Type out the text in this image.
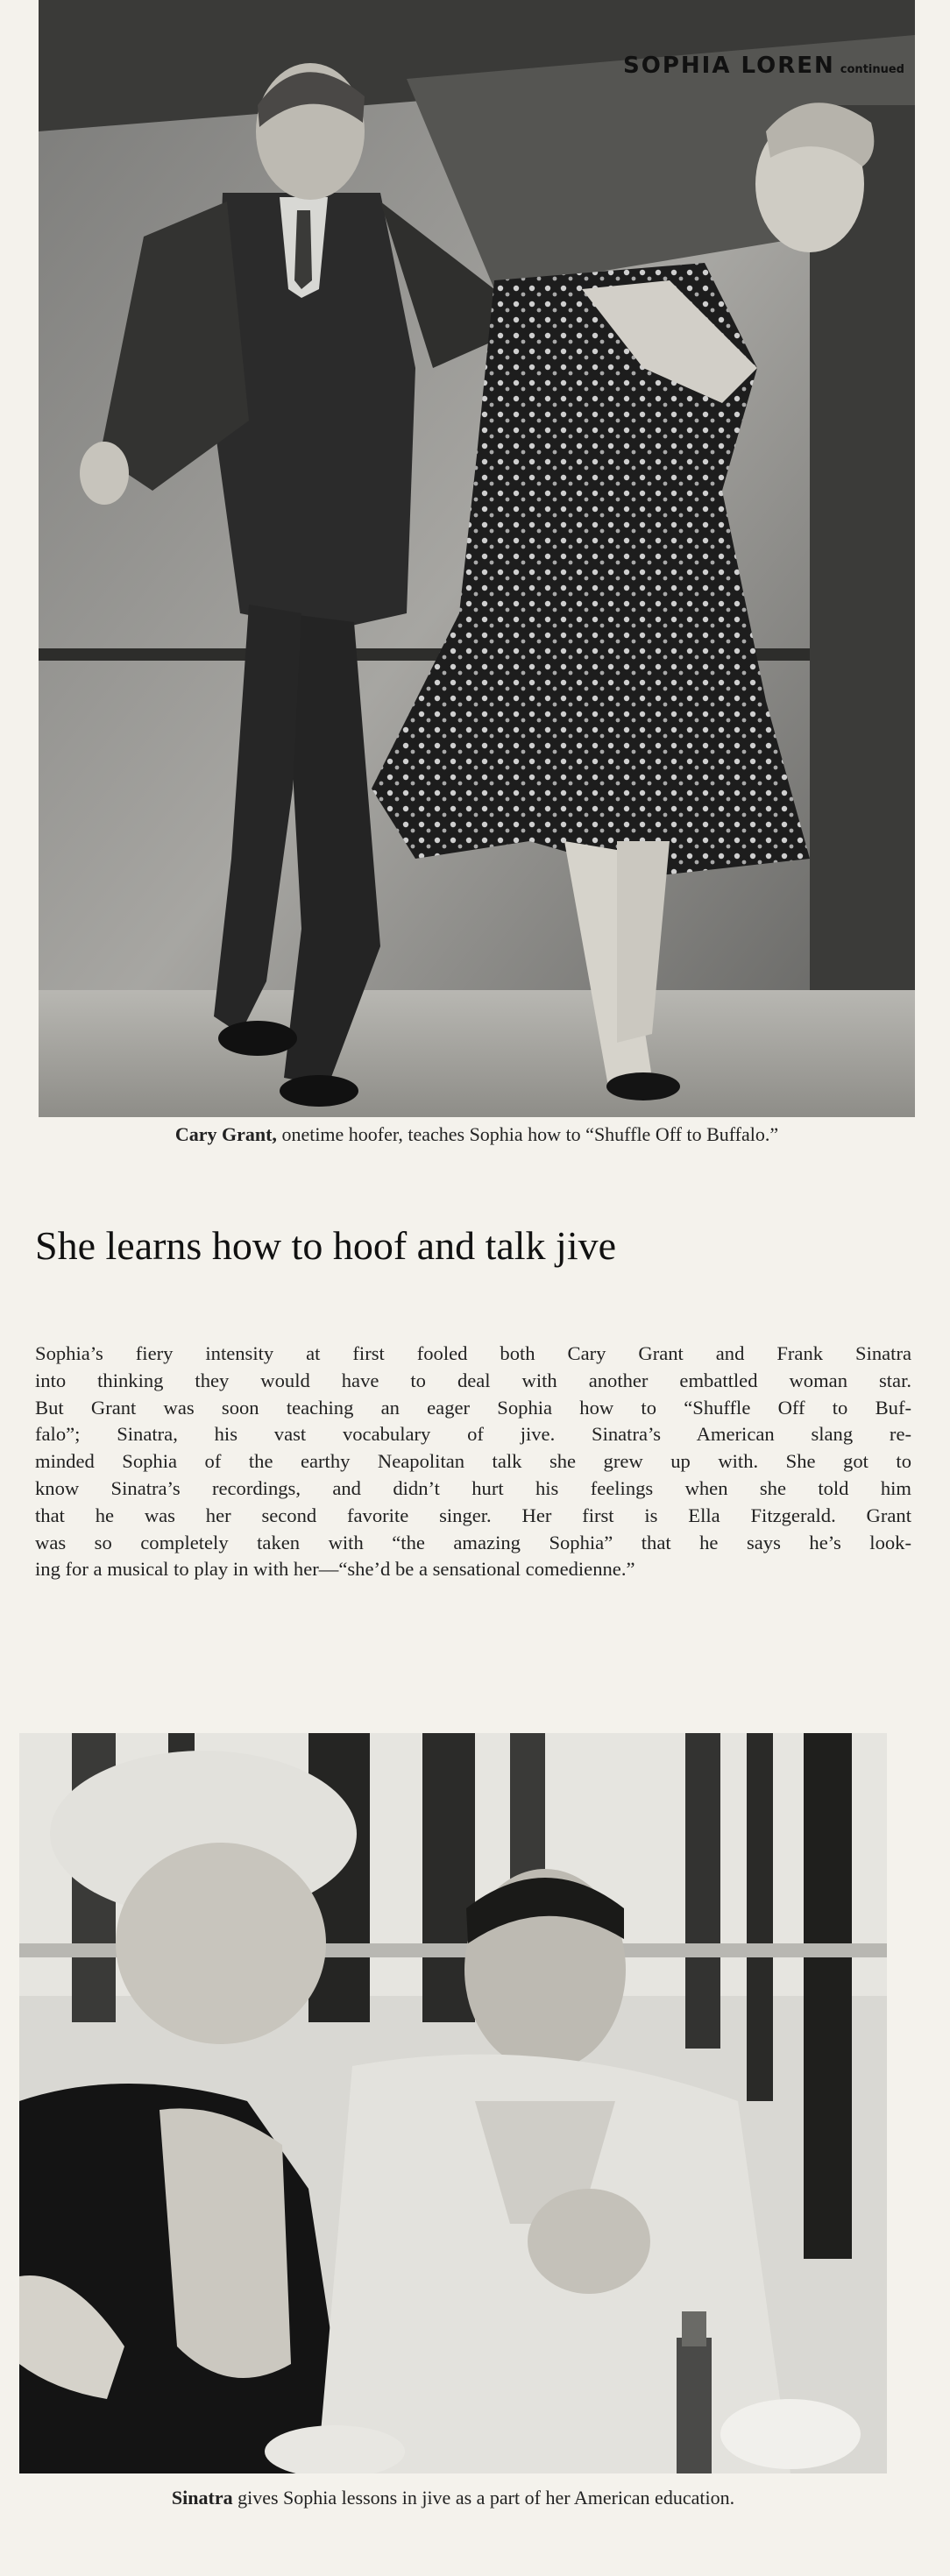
SOPHIA LOREN continued
Cary Grant, onetime hoofer, teaches Sophia how to “Shuffle Off to Buffalo.”
She learns how to hoof and talk jive
Sophia’s fiery intensity at first fooled both Cary Grant and Frank Sinatra
into thinking they would have to deal with another embattled woman star.
But Grant was soon teaching an eager Sophia how to “Shuffle Off to Buf-
falo”; Sinatra, his vast vocabulary of jive. Sinatra’s American slang re-
minded Sophia of the earthy Neapolitan talk she grew up with. She got to
know Sinatra’s recordings, and didn’t hurt his feelings when she told him
that he was her second favorite singer. Her first is Ella Fitzgerald. Grant
was so completely taken with “the amazing Sophia” that he says he’s look-
ing for a musical to play in with her—“she’d be a sensational comedienne.”
Sinatra gives Sophia lessons in jive as a part of her American education.
